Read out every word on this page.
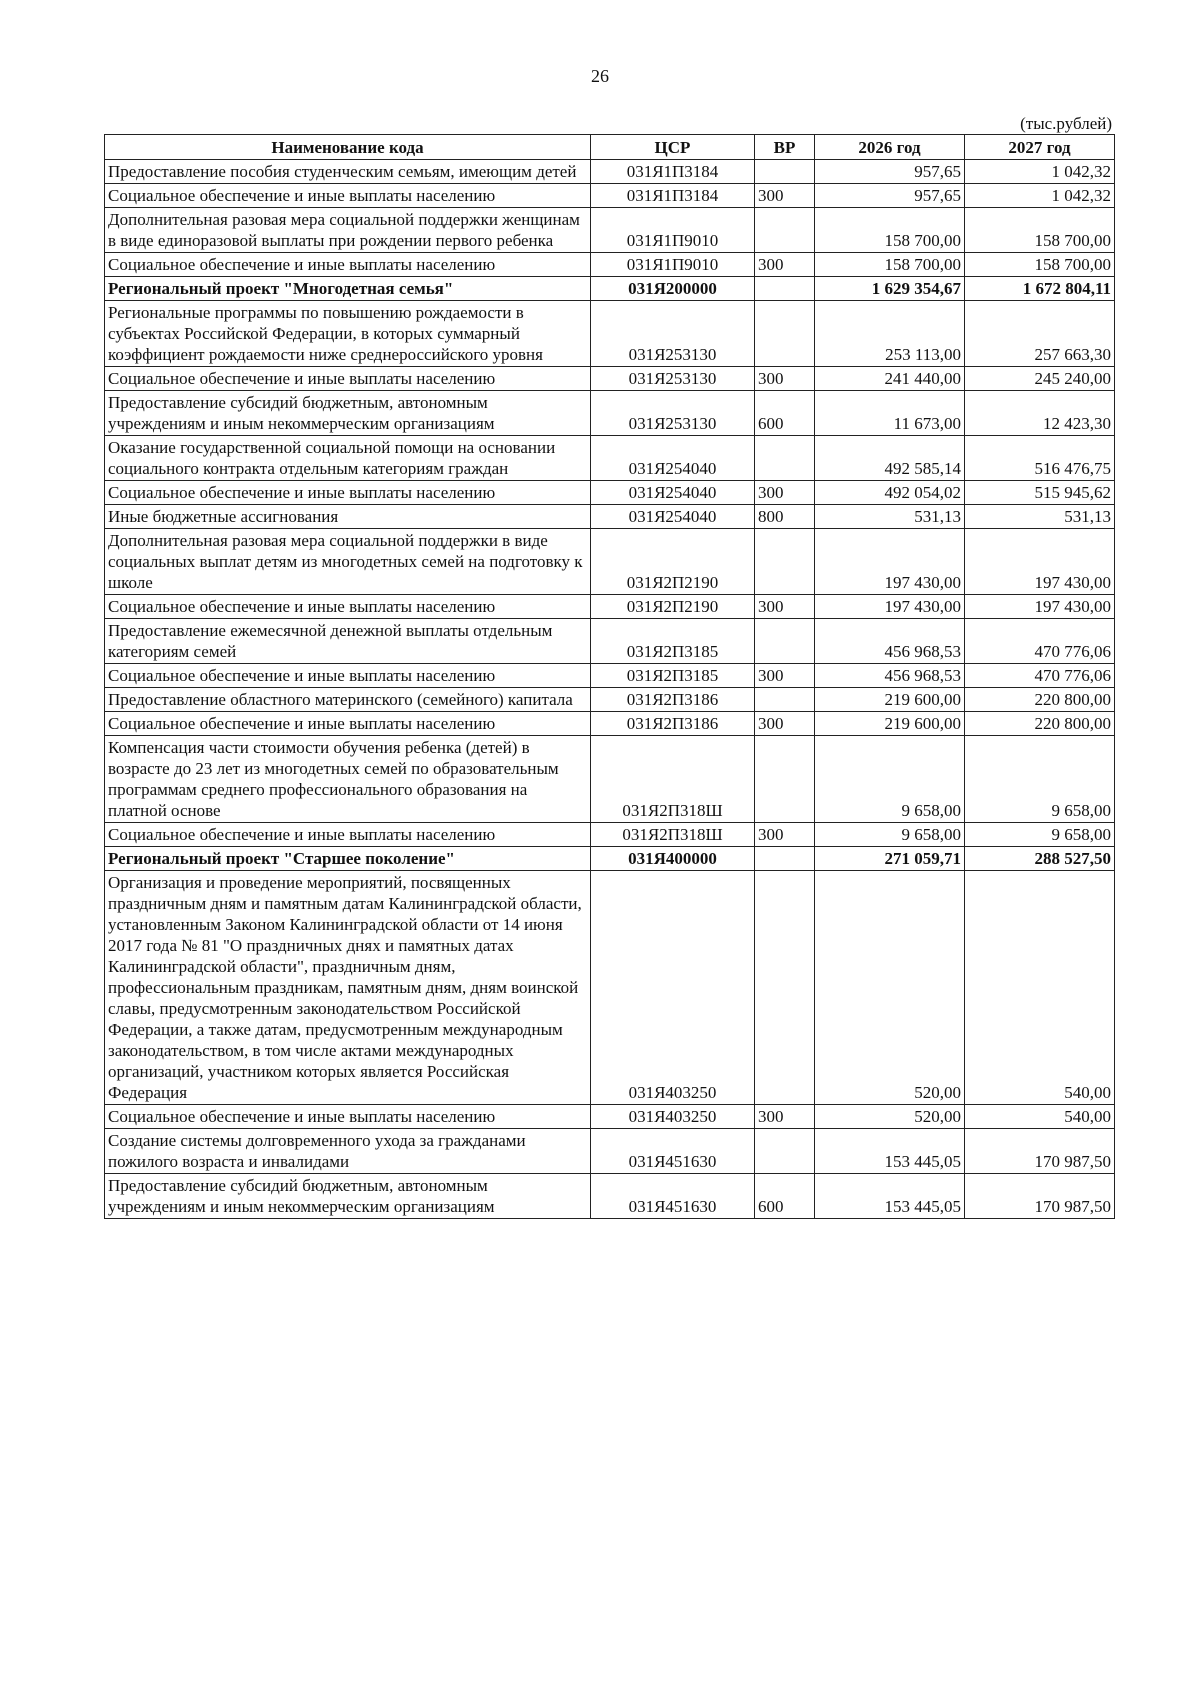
26
(тыс.рублей)
Наименование кода	ЦСР	ВР	2026 год	2027 год
Предоставление пособия студенческим семьям, имеющим детей	031Я1П3184		957,65	1 042,32
Социальное обеспечение и иные выплаты населению	031Я1П3184	300	957,65	1 042,32
Дополнительная разовая мера социальной поддержки женщинам в виде единоразовой выплаты при рождении первого ребенка	031Я1П9010		158 700,00	158 700,00
Социальное обеспечение и иные выплаты населению	031Я1П9010	300	158 700,00	158 700,00
Региональный проект "Многодетная семья"	031Я200000		1 629 354,67	1 672 804,11
Региональные программы по повышению рождаемости в субъектах Российской Федерации, в которых суммарный коэффициент рождаемости ниже среднероссийского уровня	031Я253130		253 113,00	257 663,30
Социальное обеспечение и иные выплаты населению	031Я253130	300	241 440,00	245 240,00
Предоставление субсидий бюджетным, автономным учреждениям и иным некоммерческим организациям	031Я253130	600	11 673,00	12 423,30
Оказание государственной социальной помощи на основании социального контракта отдельным категориям граждан	031Я254040		492 585,14	516 476,75
Социальное обеспечение и иные выплаты населению	031Я254040	300	492 054,02	515 945,62
Иные бюджетные ассигнования	031Я254040	800	531,13	531,13
Дополнительная разовая мера социальной поддержки в виде социальных выплат детям из многодетных семей на подготовку к школе	031Я2П2190		197 430,00	197 430,00
Социальное обеспечение и иные выплаты населению	031Я2П2190	300	197 430,00	197 430,00
Предоставление ежемесячной денежной выплаты отдельным категориям семей	031Я2П3185		456 968,53	470 776,06
Социальное обеспечение и иные выплаты населению	031Я2П3185	300	456 968,53	470 776,06
Предоставление областного материнского (семейного) капитала	031Я2П3186		219 600,00	220 800,00
Социальное обеспечение и иные выплаты населению	031Я2П3186	300	219 600,00	220 800,00
Компенсация части стоимости обучения ребенка (детей) в возрасте до 23 лет из многодетных семей по образовательным программам среднего профессионального образования на платной основе	031Я2П318Ш		9 658,00	9 658,00
Социальное обеспечение и иные выплаты населению	031Я2П318Ш	300	9 658,00	9 658,00
Региональный проект "Старшее поколение"	031Я400000		271 059,71	288 527,50
Организация и проведение мероприятий, посвященных праздничным дням и памятным датам Калининградской области, установленным Законом Калининградской области от 14 июня 2017 года № 81 "О праздничных днях и памятных датах Калининградской области", праздничным дням, профессиональным праздникам, памятным дням, дням воинской славы, предусмотренным законодательством Российской Федерации, а также датам, предусмотренным международным законодательством, в том числе актами международных организаций, участником которых является Российская Федерация	031Я403250		520,00	540,00
Социальное обеспечение и иные выплаты населению	031Я403250	300	520,00	540,00
Создание системы долговременного ухода за гражданами пожилого возраста и инвалидами	031Я451630		153 445,05	170 987,50
Предоставление субсидий бюджетным, автономным учреждениям и иным некоммерческим организациям	031Я451630	600	153 445,05	170 987,50
